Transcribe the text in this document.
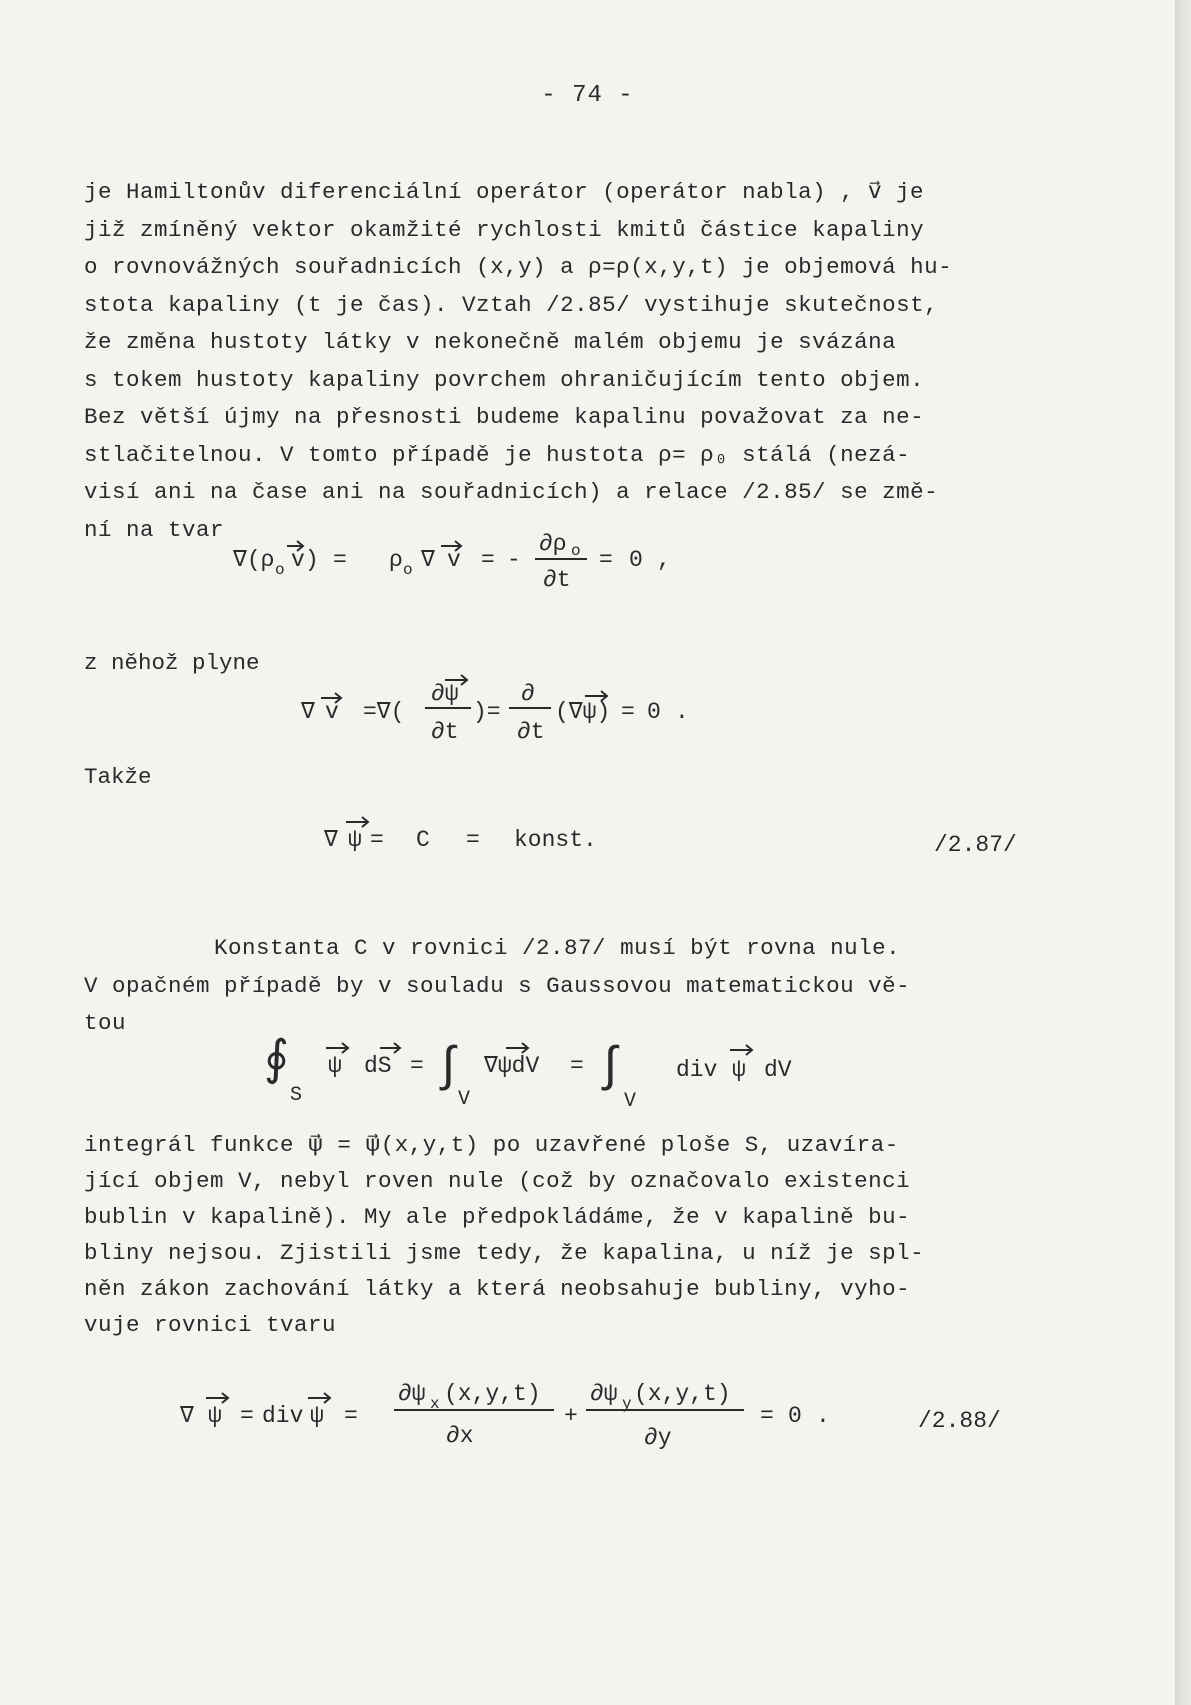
- 74 -
je Hamiltonův diferenciální operátor (operátor nabla) , v⃗ je
již zmíněný vektor okamžité rychlosti kmitů částice kapaliny
o rovnovážných souřadnicích (x,y) a ρ=ρ(x,y,t) je objemová hu-
stota kapaliny (t je čas). Vztah /2.85/ vystihuje skutečnost,
že změna hustoty látky v nekonečně malém objemu je svázána
s tokem hustoty kapaliny povrchem ohraničujícím tento objem.
Bez větší újmy na přesnosti budeme kapalinu považovat za ne-
stlačitelnou. V tomto případě je hustota ρ= ρ₀ stálá (nezá-
visí ani na čase ani na souřadnicích) a relace /2.85/ se změ-
ní na tvar
∇(ρ o v ) = ρ o ∇ v = -
∂ρ o
∂t
= 0 ,
z něhož plyne
∇ v =∇(
∂ψ
∂t
)=
∂
∂t
(∇ψ) = 0 .
Takže
∇ ψ = C = konst.	/2.87/
Konstanta C v rovnici /2.87/ musí být rovna nule.
V opačném případě by v souladu s Gaussovou matematickou vě-
tou
∮
S
ψ dS = ∫
V
∇ψdV = ∫
V
div ψ dV
integrál funkce ψ⃗ = ψ⃗(x,y,t) po uzavřené ploše S, uzavíra-
jící objem V, nebyl roven nule (což by označovalo existenci
bublin v kapalině). My ale předpokládáme, že v kapalině bu-
bliny nejsou. Zjistili jsme tedy, že kapalina, u níž je spl-
něn zákon zachování látky a která neobsahuje bubliny, vyho-
vuje rovnici tvaru
∇ ψ = div ψ =
∂ψ x (x,y,t)
∂x
+
∂ψ y (x,y,t)
∂y
= 0 .	/2.88/
